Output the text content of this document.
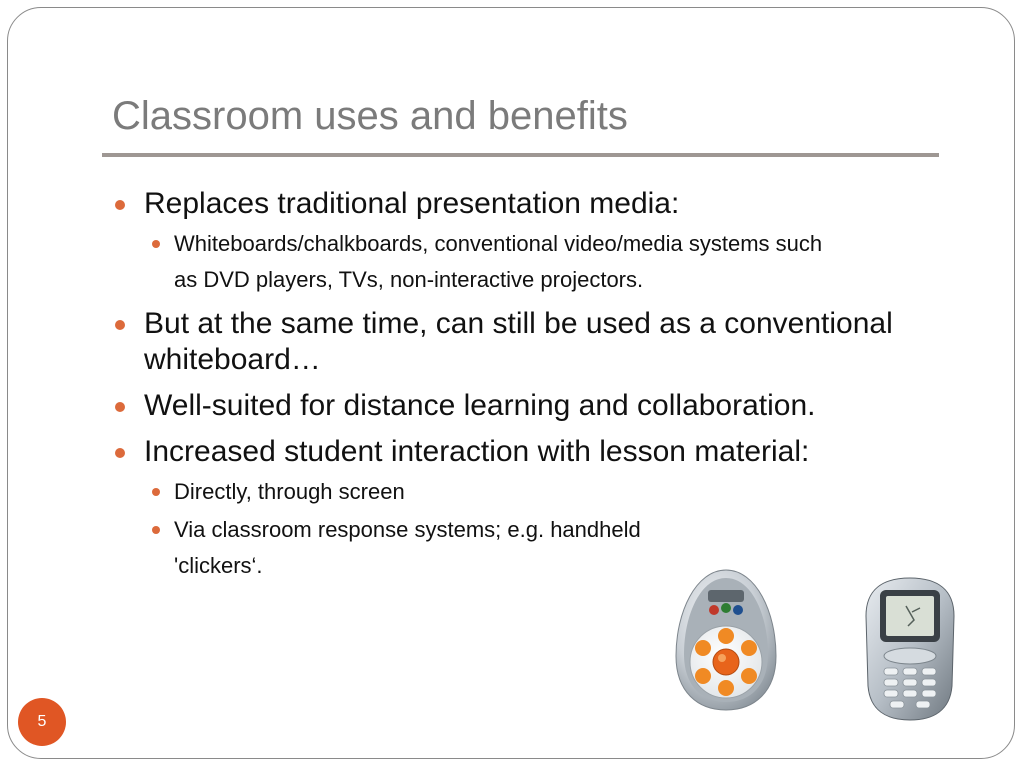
Classroom uses and benefits
Replaces traditional presentation media:
Whiteboards/chalkboards, conventional video/media systems such as DVD players, TVs, non-interactive projectors.
But at the same time, can still be used as a conventional whiteboard…
Well-suited for distance learning and collaboration.
Increased student interaction with lesson material:
Directly, through screen
Via classroom response systems; e.g. handheld 'clickers‘.
5
